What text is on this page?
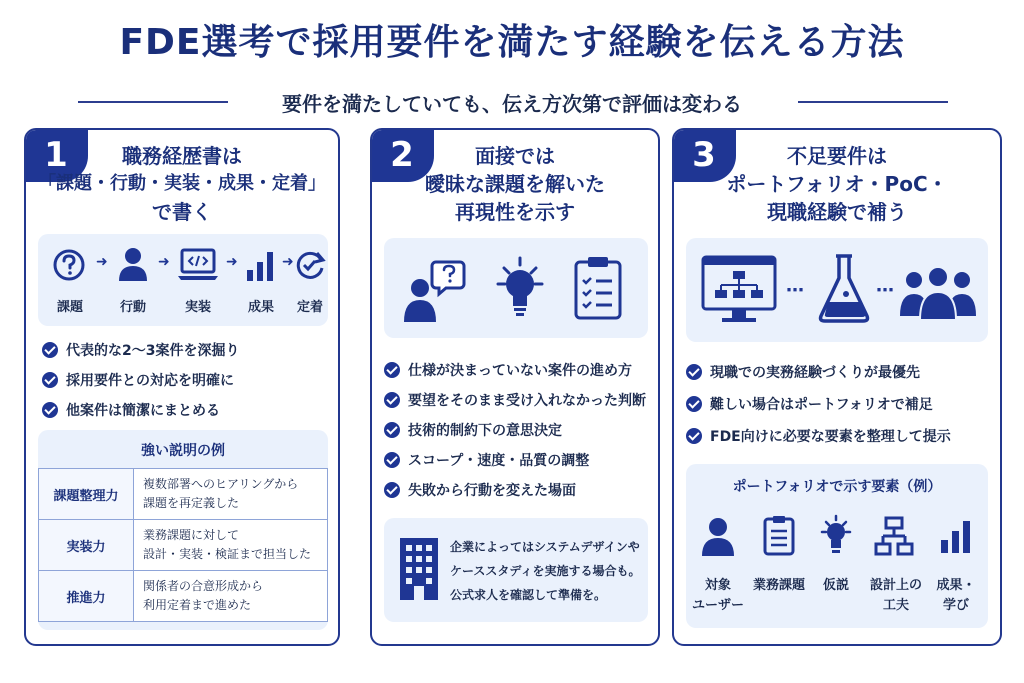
FDE選考で採用要件を満たす経験を伝える方法
要件を満たしていても、伝え方次第で評価は変わる
1	職務経歴書は
「課題・行動・実装・成果・定着」
で書く
➜	➜	➜	➜
課題	行動	実装	成果	定着
代表的な2～3案件を深掘り
採用要件との対応を明確に
他案件は簡潔にまとめる
強い説明の例
課題整理力	複数部署へのヒアリングから
課題を再定義した
実装力	業務課題に対して
設計・実装・検証まで担当した
推進力	関係者の合意形成から
利用定着まで進めた
2	面接では
曖昧な課題を解いた
再現性を示す
仕様が決まっていない案件の進め方
要望をそのまま受け入れなかった判断
技術的制約下の意思決定
スコープ・速度・品質の調整
失敗から行動を変えた場面
企業によってはシステムデザインや
ケーススタディを実施する場合も。
公式求人を確認して準備を。
3	不足要件は
ポートフォリオ・PoC・
現職経験で補う
⋯	⋯
現職での実務経験づくりが最優先
難しい場合はポートフォリオで補足
FDE向けに必要な要素を整理して提示
ポートフォリオで示す要素（例）
対象
ユーザー
業務課題	仮説	設計上の
工夫
成果・
学び
